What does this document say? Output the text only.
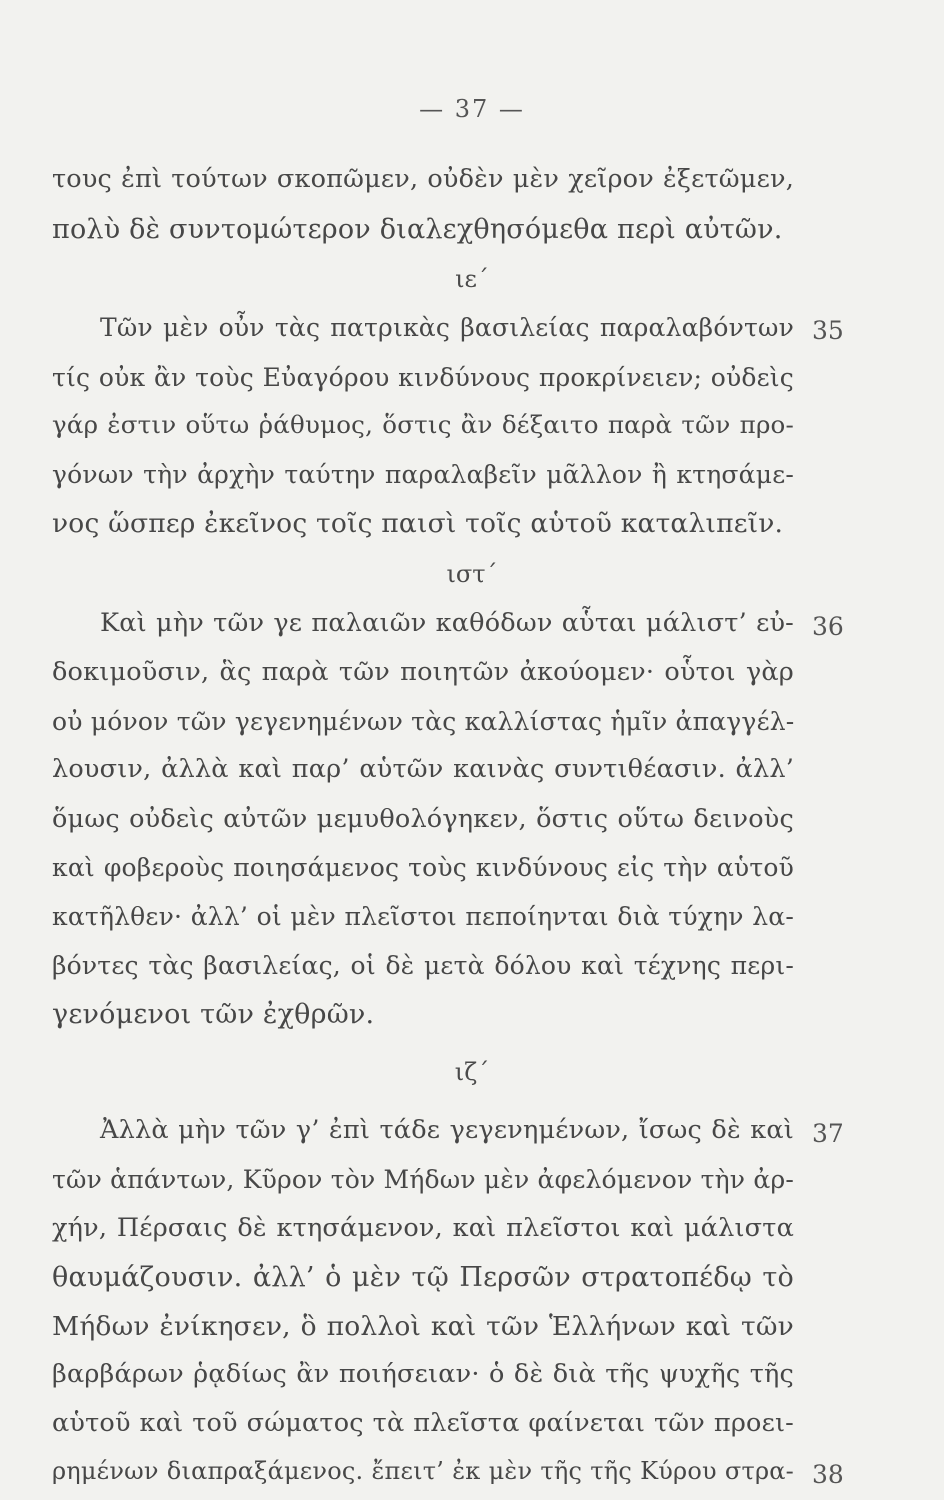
— 37 —
τους ἐπὶ τούτων σκοπῶμεν, οὐδὲν μὲν χεῖρον ἐξετῶμεν,
πολὺ δὲ συντομώτερον διαλεχθησόμεθα περὶ αὐτῶν.
ιε΄
Τῶν μὲν οὖν τὰς πατρικὰς βασιλείας παραλαβόντων 35
τίς οὐκ ἂν τοὺς Εὐαγόρου κινδύνους προκρίνειεν; οὐδεὶς
γάρ ἐστιν οὕτω ῥάθυμος, ὅστις ἂν δέξαιτο παρὰ τῶν προ-
γόνων τὴν ἀρχὴν ταύτην παραλαβεῖν μᾶλλον ἢ κτησάμε-
νος ὥσπερ ἐκεῖνος τοῖς παισὶ τοῖς αὑτοῦ καταλιπεῖν.
ιστ΄
Καὶ μὴν τῶν γε παλαιῶν καθόδων αὗται μάλιστ’ εὐ- 36
δοκιμοῦσιν, ἃς παρὰ τῶν ποιητῶν ἀκούομεν· οὗτοι γὰρ
οὐ μόνον τῶν γεγενημένων τὰς καλλίστας ἡμῖν ἀπαγγέλ-
λουσιν, ἀλλὰ καὶ παρ’ αὑτῶν καινὰς συντιθέασιν. ἀλλ’
ὅμως οὐδεὶς αὐτῶν μεμυθολόγηκεν, ὅστις οὕτω δεινοὺς
καὶ φοβεροὺς ποιησάμενος τοὺς κινδύνους εἰς τὴν αὑτοῦ
κατῆλθεν· ἀλλ’ οἱ μὲν πλεῖστοι πεποίηνται διὰ τύχην λα-
βόντες τὰς βασιλείας, οἱ δὲ μετὰ δόλου καὶ τέχνης περι-
γενόμενοι τῶν ἐχθρῶν.
ιζ΄
Ἀλλὰ μὴν τῶν γ’ ἐπὶ τάδε γεγενημένων, ἴσως δὲ καὶ 37
τῶν ἁπάντων, Κῦρον τὸν Μήδων μὲν ἀφελόμενον τὴν ἀρ-
χήν, Πέρσαις δὲ κτησάμενον, καὶ πλεῖστοι καὶ μάλιστα
θαυμάζουσιν. ἀλλ’ ὁ μὲν τῷ Περσῶν στρατοπέδῳ τὸ
Μήδων ἐνίκησεν, ὃ πολλοὶ καὶ τῶν Ἑλλήνων καὶ τῶν
βαρβάρων ῥᾳδίως ἂν ποιήσειαν· ὁ δὲ διὰ τῆς ψυχῆς τῆς
αὑτοῦ καὶ τοῦ σώματος τὰ πλεῖστα φαίνεται τῶν προει-
ρημένων διαπραξάμενος. ἔπειτ’ ἐκ μὲν τῆς τῆς Κύρου στρα- 38
